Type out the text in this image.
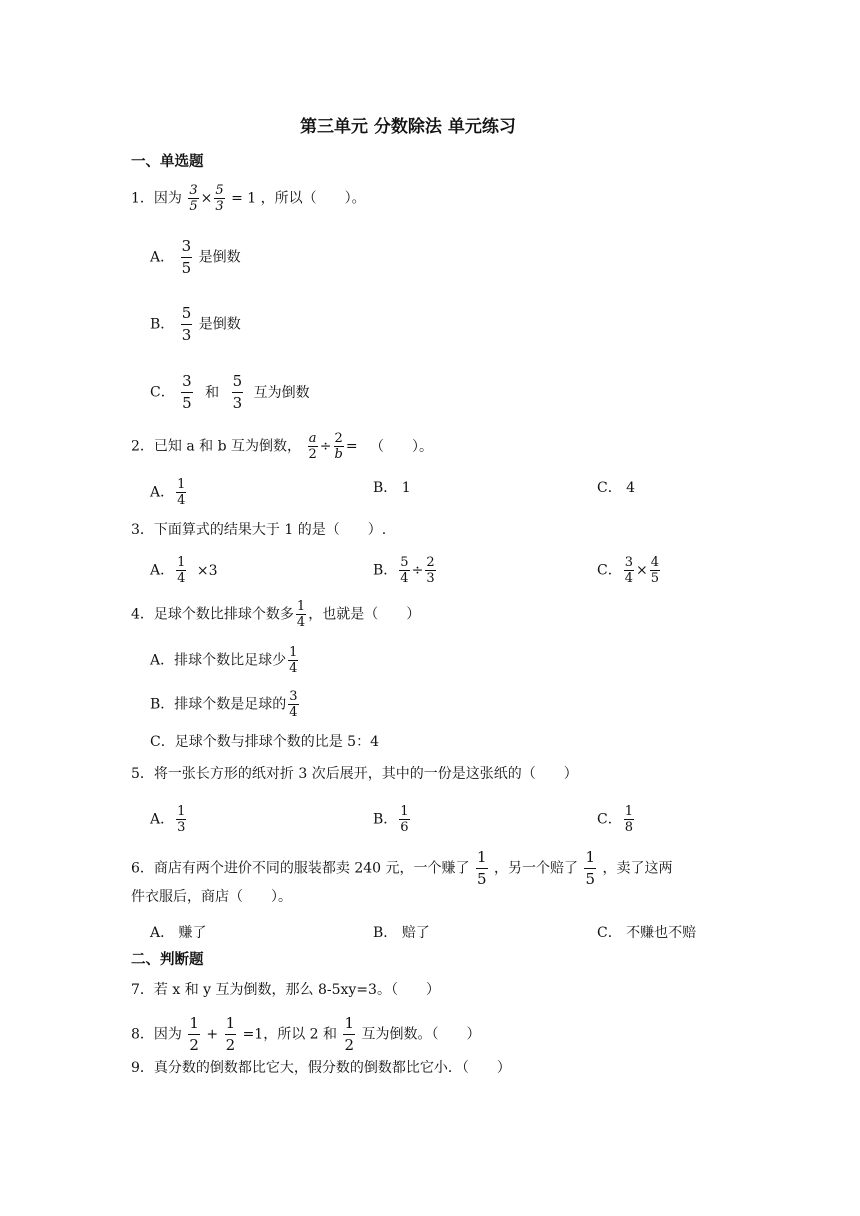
第三单元 分数除法 单元练习
一、单选题
1．因为 $\frac{3}{5} \times \frac{5}{3} = 1$ ，所以（　　）。
A． $\frac{3}{5}$ 是倒数
B． $\frac{5}{3}$ 是倒数
C． $\frac{3}{5}$ 和 $\frac{5}{3}$ 互为倒数
2．已知 a 和 b 互为倒数， $\frac{a}{2} \div \frac{2}{b}$ = （　　）。
A． $\frac{1}{4}$	B． 1	C． 4
3．下面算式的结果大于 1 的是（　　）.
A． $\frac{1}{4} \times 3$	B． $\frac{5}{4} \div \frac{2}{3}$	C． $\frac{3}{4} \times \frac{4}{5}$
4．足球个数比排球个数多 $\frac{1}{4}$ ，也就是（　　）
A．排球个数比足球少 $\frac{1}{4}$
B．排球个数是足球的 $\frac{3}{4}$
C．足球个数与排球个数的比是 5：4
5．将一张长方形的纸对折 3 次后展开，其中的一份是这张纸的（　　）
A． $\frac{1}{3}$	B． $\frac{1}{6}$	C． $\frac{1}{8}$
6．商店有两个进价不同的服装都卖 240 元，一个赚了 $\frac{1}{5}$ ，另一个赔了 $\frac{1}{5}$ ，卖了这两
件衣服后，商店（　　）。
A． 赚了	B． 赔了	C． 不赚也不赔
二、判断题
7．若 x 和 y 互为倒数，那么 8-5xy=3。（　　）
8．因为 $\frac{1}{2} + \frac{1}{2} =1$，所以 2 和 $\frac{1}{2}$ 互为倒数。（　　）
9．真分数的倒数都比它大，假分数的倒数都比它小．（　　）
